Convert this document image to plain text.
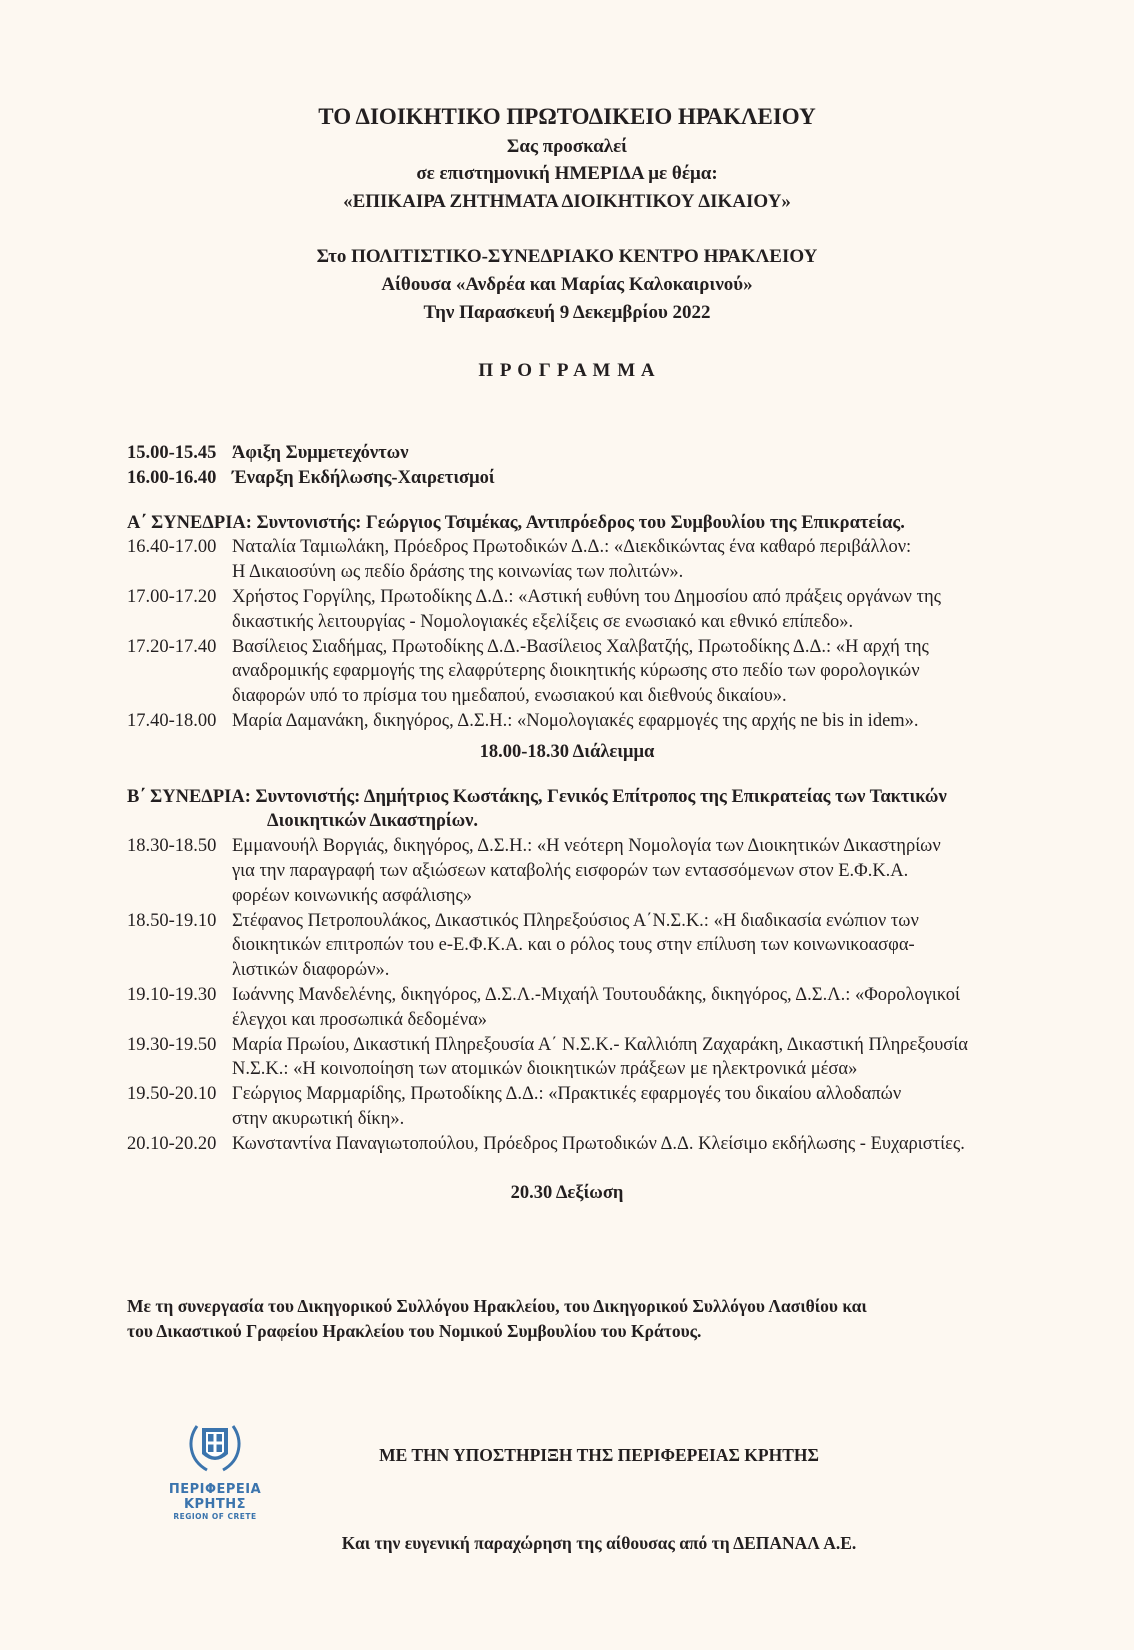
ΤΟ ΔΙΟΙΚΗΤΙΚΟ ΠΡΩΤΟΔΙΚΕΙΟ ΗΡΑΚΛΕΙΟΥ
Σας προσκαλεί
σε επιστημονική ΗΜΕΡΙΔΑ με θέμα:
«ΕΠΙΚΑΙΡΑ ΖΗΤΗΜΑΤΑ ΔΙΟΙΚΗΤΙΚΟΥ ΔΙΚΑΙΟΥ»
Στο ΠΟΛΙΤΙΣΤΙΚΟ-ΣΥΝΕΔΡΙΑΚΟ ΚΕΝΤΡΟ ΗΡΑΚΛΕΙΟΥ
Αίθουσα «Ανδρέα και Μαρίας Καλοκαιρινού»
Την Παρασκευή 9 Δεκεμβρίου 2022
Π Ρ Ο Γ Ρ Α Μ Μ Α
15.00-15.45 Άφιξη Συμμετεχόντων
16.00-16.40 Έναρξη Εκδήλωσης-Χαιρετισμοί
Α΄ ΣΥΝΕΔΡΙΑ: Συντονιστής: Γεώργιος Τσιμέκας, Αντιπρόεδρος του Συμβουλίου της Επικρατείας.
16.40-17.00 Ναταλία Ταμιωλάκη, Πρόεδρος Πρωτοδικών Δ.Δ.: «Διεκδικώντας ένα καθαρό περιβάλλον:
Η Δικαιοσύνη ως πεδίο δράσης της κοινωνίας των πολιτών».
17.00-17.20 Χρήστος Γοργίλης, Πρωτοδίκης Δ.Δ.: «Αστική ευθύνη του Δημοσίου από πράξεις οργάνων της
δικαστικής λειτουργίας - Νομολογιακές εξελίξεις σε ενωσιακό και εθνικό επίπεδο».
17.20-17.40 Βασίλειος Σιαδήμας, Πρωτοδίκης Δ.Δ.-Βασίλειος Χαλβατζής, Πρωτοδίκης Δ.Δ.: «Η αρχή της
αναδρομικής εφαρμογής της ελαφρύτερης διοικητικής κύρωσης στο πεδίο των φορολογικών
διαφορών υπό το πρίσμα του ημεδαπού, ενωσιακού και διεθνούς δικαίου».
17.40-18.00 Μαρία Δαμανάκη, δικηγόρος, Δ.Σ.Η.: «Νομολογιακές εφαρμογές της αρχής ne bis in idem».
18.00-18.30 Διάλειμμα
Β΄ ΣΥΝΕΔΡΙΑ: Συντονιστής: Δημήτριος Κωστάκης, Γενικός Επίτροπος της Επικρατείας των Τακτικών
Διοικητικών Δικαστηρίων.
18.30-18.50 Εμμανουήλ Βοργιάς, δικηγόρος, Δ.Σ.Η.: «Η νεότερη Νομολογία των Διοικητικών Δικαστηρίων
για την παραγραφή των αξιώσεων καταβολής εισφορών των εντασσόμενων στον Ε.Φ.Κ.Α.
φορέων κοινωνικής ασφάλισης»
18.50-19.10 Στέφανος Πετροπουλάκος, Δικαστικός Πληρεξούσιος Α΄Ν.Σ.Κ.: «Η διαδικασία ενώπιον των
διοικητικών επιτροπών του e-Ε.Φ.Κ.Α. και ο ρόλος τους στην επίλυση των κοινωνικοασφα-
λιστικών διαφορών».
19.10-19.30 Ιωάννης Μανδελένης, δικηγόρος, Δ.Σ.Λ.-Μιχαήλ Τουτουδάκης, δικηγόρος, Δ.Σ.Λ.: «Φορολογικοί
έλεγχοι και προσωπικά δεδομένα»
19.30-19.50 Μαρία Πρωίου, Δικαστική Πληρεξουσία Α΄ Ν.Σ.Κ.- Καλλιόπη Ζαχαράκη, Δικαστική Πληρεξουσία
Ν.Σ.Κ.: «Η κοινοποίηση των ατομικών διοικητικών πράξεων με ηλεκτρονικά μέσα»
19.50-20.10 Γεώργιος Μαρμαρίδης, Πρωτοδίκης Δ.Δ.: «Πρακτικές εφαρμογές του δικαίου αλλοδαπών
στην ακυρωτική δίκη».
20.10-20.20 Κωνσταντίνα Παναγιωτοπούλου, Πρόεδρος Πρωτοδικών Δ.Δ. Κλείσιμο εκδήλωσης - Ευχαριστίες.
20.30 Δεξίωση
Με τη συνεργασία του Δικηγορικού Συλλόγου Ηρακλείου, του Δικηγορικού Συλλόγου Λασιθίου και
του Δικαστικού Γραφείου Ηρακλείου του Νομικού Συμβουλίου του Κράτους.
ΠΕΡΙΦΕΡΕΙΑ ΚΡΗΤΗΣ
REGION OF CRETE
ΜΕ ΤΗΝ ΥΠΟΣΤΗΡΙΞΗ ΤΗΣ ΠΕΡΙΦΕΡΕΙΑΣ ΚΡΗΤΗΣ
Και την ευγενική παραχώρηση της αίθουσας από τη ΔΕΠΑΝΑΛ Α.Ε.
